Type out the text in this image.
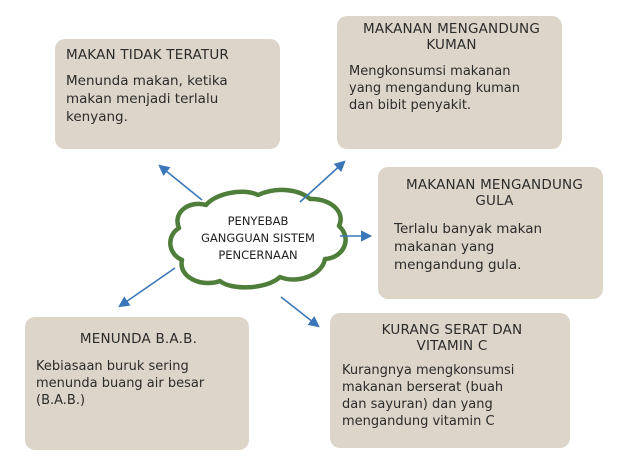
PENYEBAB
GANGGUAN SISTEM
PENCERNAAN
MAKAN TIDAK TERATUR
Menunda makan, ketika
makan menjadi terlalu
kenyang.
MAKANAN MENGANDUNG
KUMAN
Mengkonsumsi makanan
yang mengandung kuman
dan bibit penyakit.
MAKANAN MENGANDUNG
GULA
Terlalu banyak makan
makanan yang
mengandung gula.
MENUNDA B.A.B.
Kebiasaan buruk sering
menunda buang air besar
(B.A.B.)
KURANG SERAT DAN
VITAMIN C
Kurangnya mengkonsumsi
makanan berserat (buah
dan sayuran) dan yang
mengandung vitamin C
